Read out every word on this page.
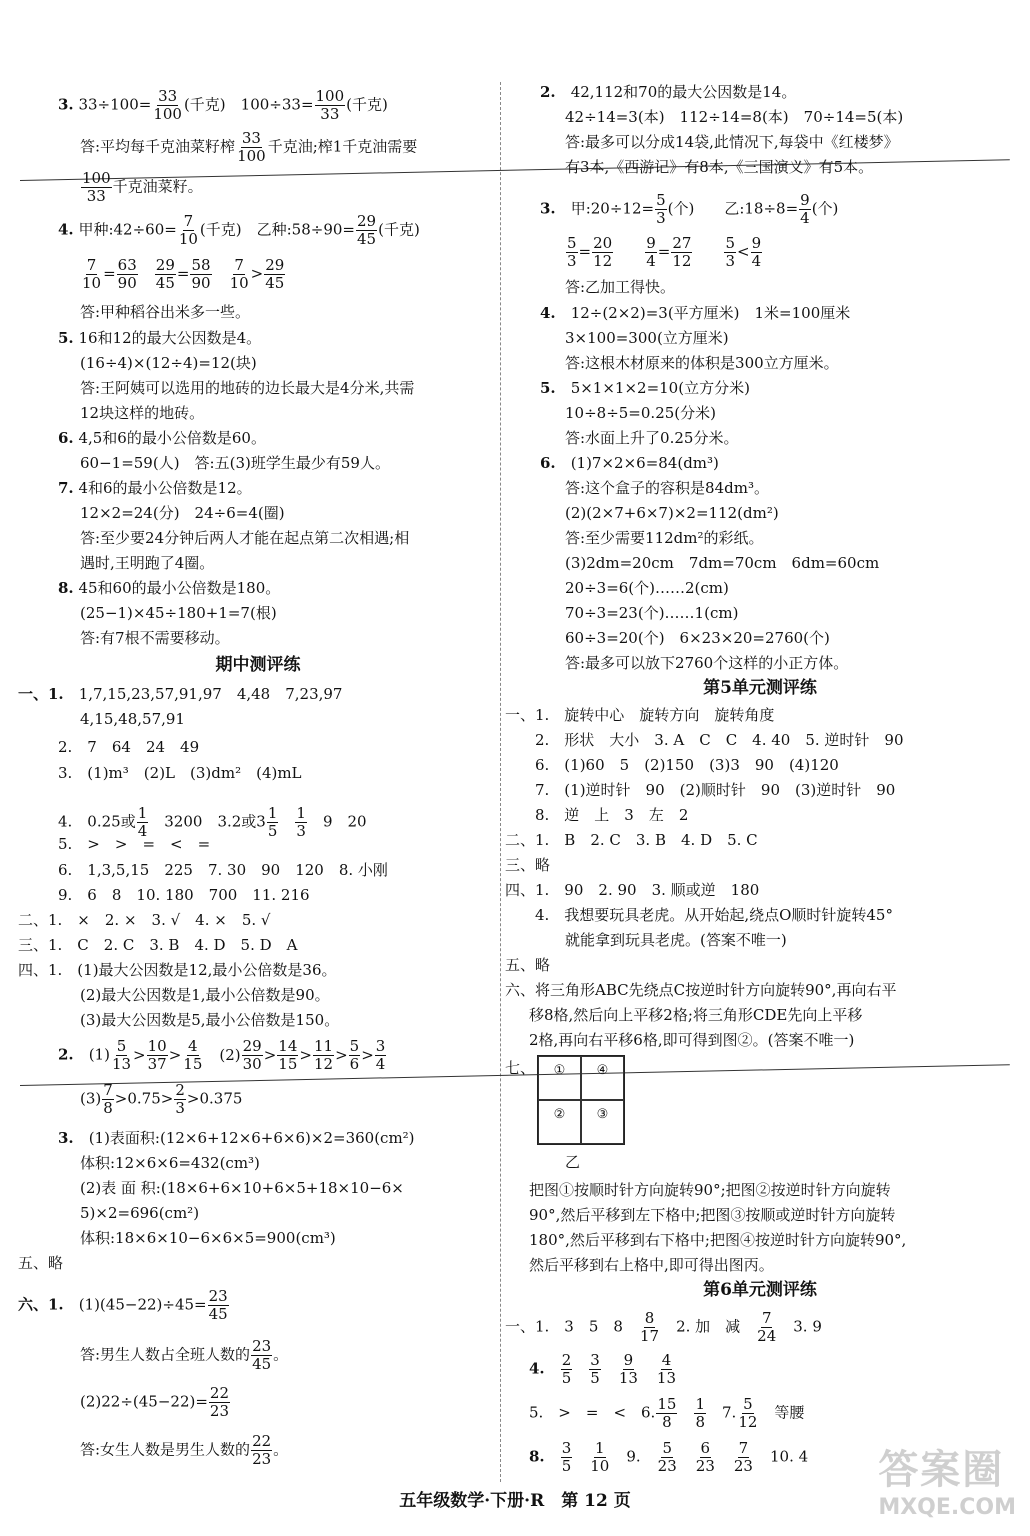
3. $33\div 100= \frac{33}{100}$ (千克)　$100\div 33= \frac{100}{33}$ (千克)
答:平均每千克油菜籽榨 $\frac{33}{100}$ 千克油;榨1千克油需要
$\frac{100}{33}$ 千克油菜籽。
4. 甲种:42÷60= $\frac{7}{10}$ (千克)　乙种:58÷90= $\frac{29}{45}$ (千克)
$\frac{7}{10} = \frac{63}{90}$
　 $\frac{29}{45} = \frac{58}{90}$
　 $\frac{7}{10} > \frac{29}{45}$
答:甲种稻谷出米多一些。
5. 16和12的最大公因数是4。
(16÷4)×(12÷4)=12(块)
答:王阿姨可以选用的地砖的边长最大是4分米,共需
12块这样的地砖。
6. 4,5和6的最小公倍数是60。
60−1=59(人)　答:五(3)班学生最少有59人。
7. 4和6的最小公倍数是12。
12×2=24(分)　24÷6=4(圈)
答:至少要24分钟后两人才能在起点第二次相遇;相
遇时,王明跑了4圈。
8. 45和60的最小公倍数是180。
(25−1)×45÷180+1=7(根)
答:有7根不需要移动。
期中测评练
一、1.　 1,7,15,23,57,91,97　4,48　7,23,97
4,15,48,57,91
2.　7　64　24　49
3.　(1)m³　(2)L　(3)dm²　(4)mL
4.　0.25或 $\frac{1}{4}$ 　3200　3.2或$3 \frac{1}{5}$
　 $\frac{1}{3}$ 　9　20
5.　>　>　=　<　=
6.　1,3,5,15　225　7. 30　90　120　8. 小刚
9.　6　8　10. 180　700　11. 216
二、1.　×　2. ×　3. √　4. ×　5. √
三、1.　C　2. C　3. B　4. D　5. D　A
四、1.　(1)最大公因数是12,最小公倍数是36。
(2)最大公因数是1,最小公倍数是90。
(3)最大公因数是5,最小公倍数是150。
2.　 $(1) \frac{5}{13} > \frac{10}{37} > \frac{4}{15}$ 　$(2) \frac{29}{30} > \frac{14}{15} > \frac{11}{12} > \frac{5}{6} > \frac{3}{4}$
$(3) \frac{7}{8} >0.75> \frac{2}{3} >0.375$
3.　 (1)表面积:(12×6+12×6+6×6)×2=360(cm²)
体积:12×6×6=432(cm³)
(2)表 面 积:(18×6+6×10+6×5+18×10−6×
5)×2=696(cm²)
体积:18×6×10−6×6×5=900(cm³)
五、略
六、1.　 $(1)(45-22)\div 45= \frac{23}{45}$
答:男生人数占全班人数的 $\frac{23}{45}$ 。
$(2)22\div(45-22)= \frac{22}{23}$
答:女生人数是男生人数的 $\frac{22}{23}$ 。
2.　 42,112和70的最大公因数是14。
42÷14=3(本)　112÷14=8(本)　70÷14=5(本)
答:最多可以分成14袋,此情况下,每袋中《红楼梦》
有3本,《西游记》有8本,《三国演义》有5本。
3.　 甲:20÷12= $\frac{5}{3}$ (个)　　乙:18÷8= $\frac{9}{4}$ (个)
$\frac{5}{3} = \frac{20}{12}$
　　 $\frac{9}{4} = \frac{27}{12}$
　　 $\frac{5}{3} < \frac{9}{4}$
答:乙加工得快。
4.　 12÷(2×2)=3(平方厘米)　1米=100厘米
3×100=300(立方厘米)
答:这根木材原来的体积是300立方厘米。
5.　 5×1×1×2=10(立方分米)
10÷8÷5=0.25(分米)
答:水面上升了0.25分米。
6.　 (1)7×2×6=84(dm³)
答:这个盒子的容积是84dm³。
(2)(2×7+6×7)×2=112(dm²)
答:至少需要112dm²的彩纸。
(3)2dm=20cm　7dm=70cm　6dm=60cm
20÷3=6(个)……2(cm)
70÷3=23(个)……1(cm)
60÷3=20(个)　6×23×20=2760(个)
答:最多可以放下2760个这样的小正方体。
第5单元测评练
一、1.　旋转中心　旋转方向　旋转角度
2.　形状　大小　3. A　C　C　4. 40　5. 逆时针　90
6.　(1)60　5　(2)150　(3)3　90　(4)120
7.　(1)逆时针　90　(2)顺时针　90　(3)逆时针　90
8.　逆　上　3　左　2
二、1.　B　2. C　3. B　4. D　5. C
三、略
四、1.　90　2. 90　3. 顺或逆　180
4.　我想要玩具老虎。从开始起,绕点O顺时针旋转45°
就能拿到玩具老虎。(答案不唯一)
五、略
六、将三角形ABC先绕点C按逆时针方向旋转90°,再向右平
移8格,然后向上平移2格;将三角形CDE先向上平移
2格,再向右平移6格,即可得到图②。(答案不唯一)
七、	①	④
②	③
乙
把图①按顺时针方向旋转90°;把图②按逆时针方向旋转
90°,然后平移到左下格中;把图③按顺或逆时针方向旋转
180°,然后平移到右下格中;把图④按逆时针方向旋转90°,
然后平移到右上格中,即可得出图丙。
第6单元测评练
一、1.　3　5　8　 $\frac{8}{17}$ 　2. 加　减　 $\frac{7}{24}$ 　3. 9
4.　 $\frac{2}{5}$
　 $\frac{3}{5}$
　 $\frac{9}{13}$
　 $\frac{4}{13}$
5.　>　=　<　6. $\frac{15}{8}$
　 $\frac{1}{8}$ 　7. $\frac{5}{12}$ 　等腰
8.　 $\frac{3}{5}$
　 $\frac{1}{10}$ 　9.　 $\frac{5}{23}$
　 $\frac{6}{23}$
　 $\frac{7}{23}$ 　10. 4
五年级数学·下册·R　第 12 页
答案圈
MXQE.COM
